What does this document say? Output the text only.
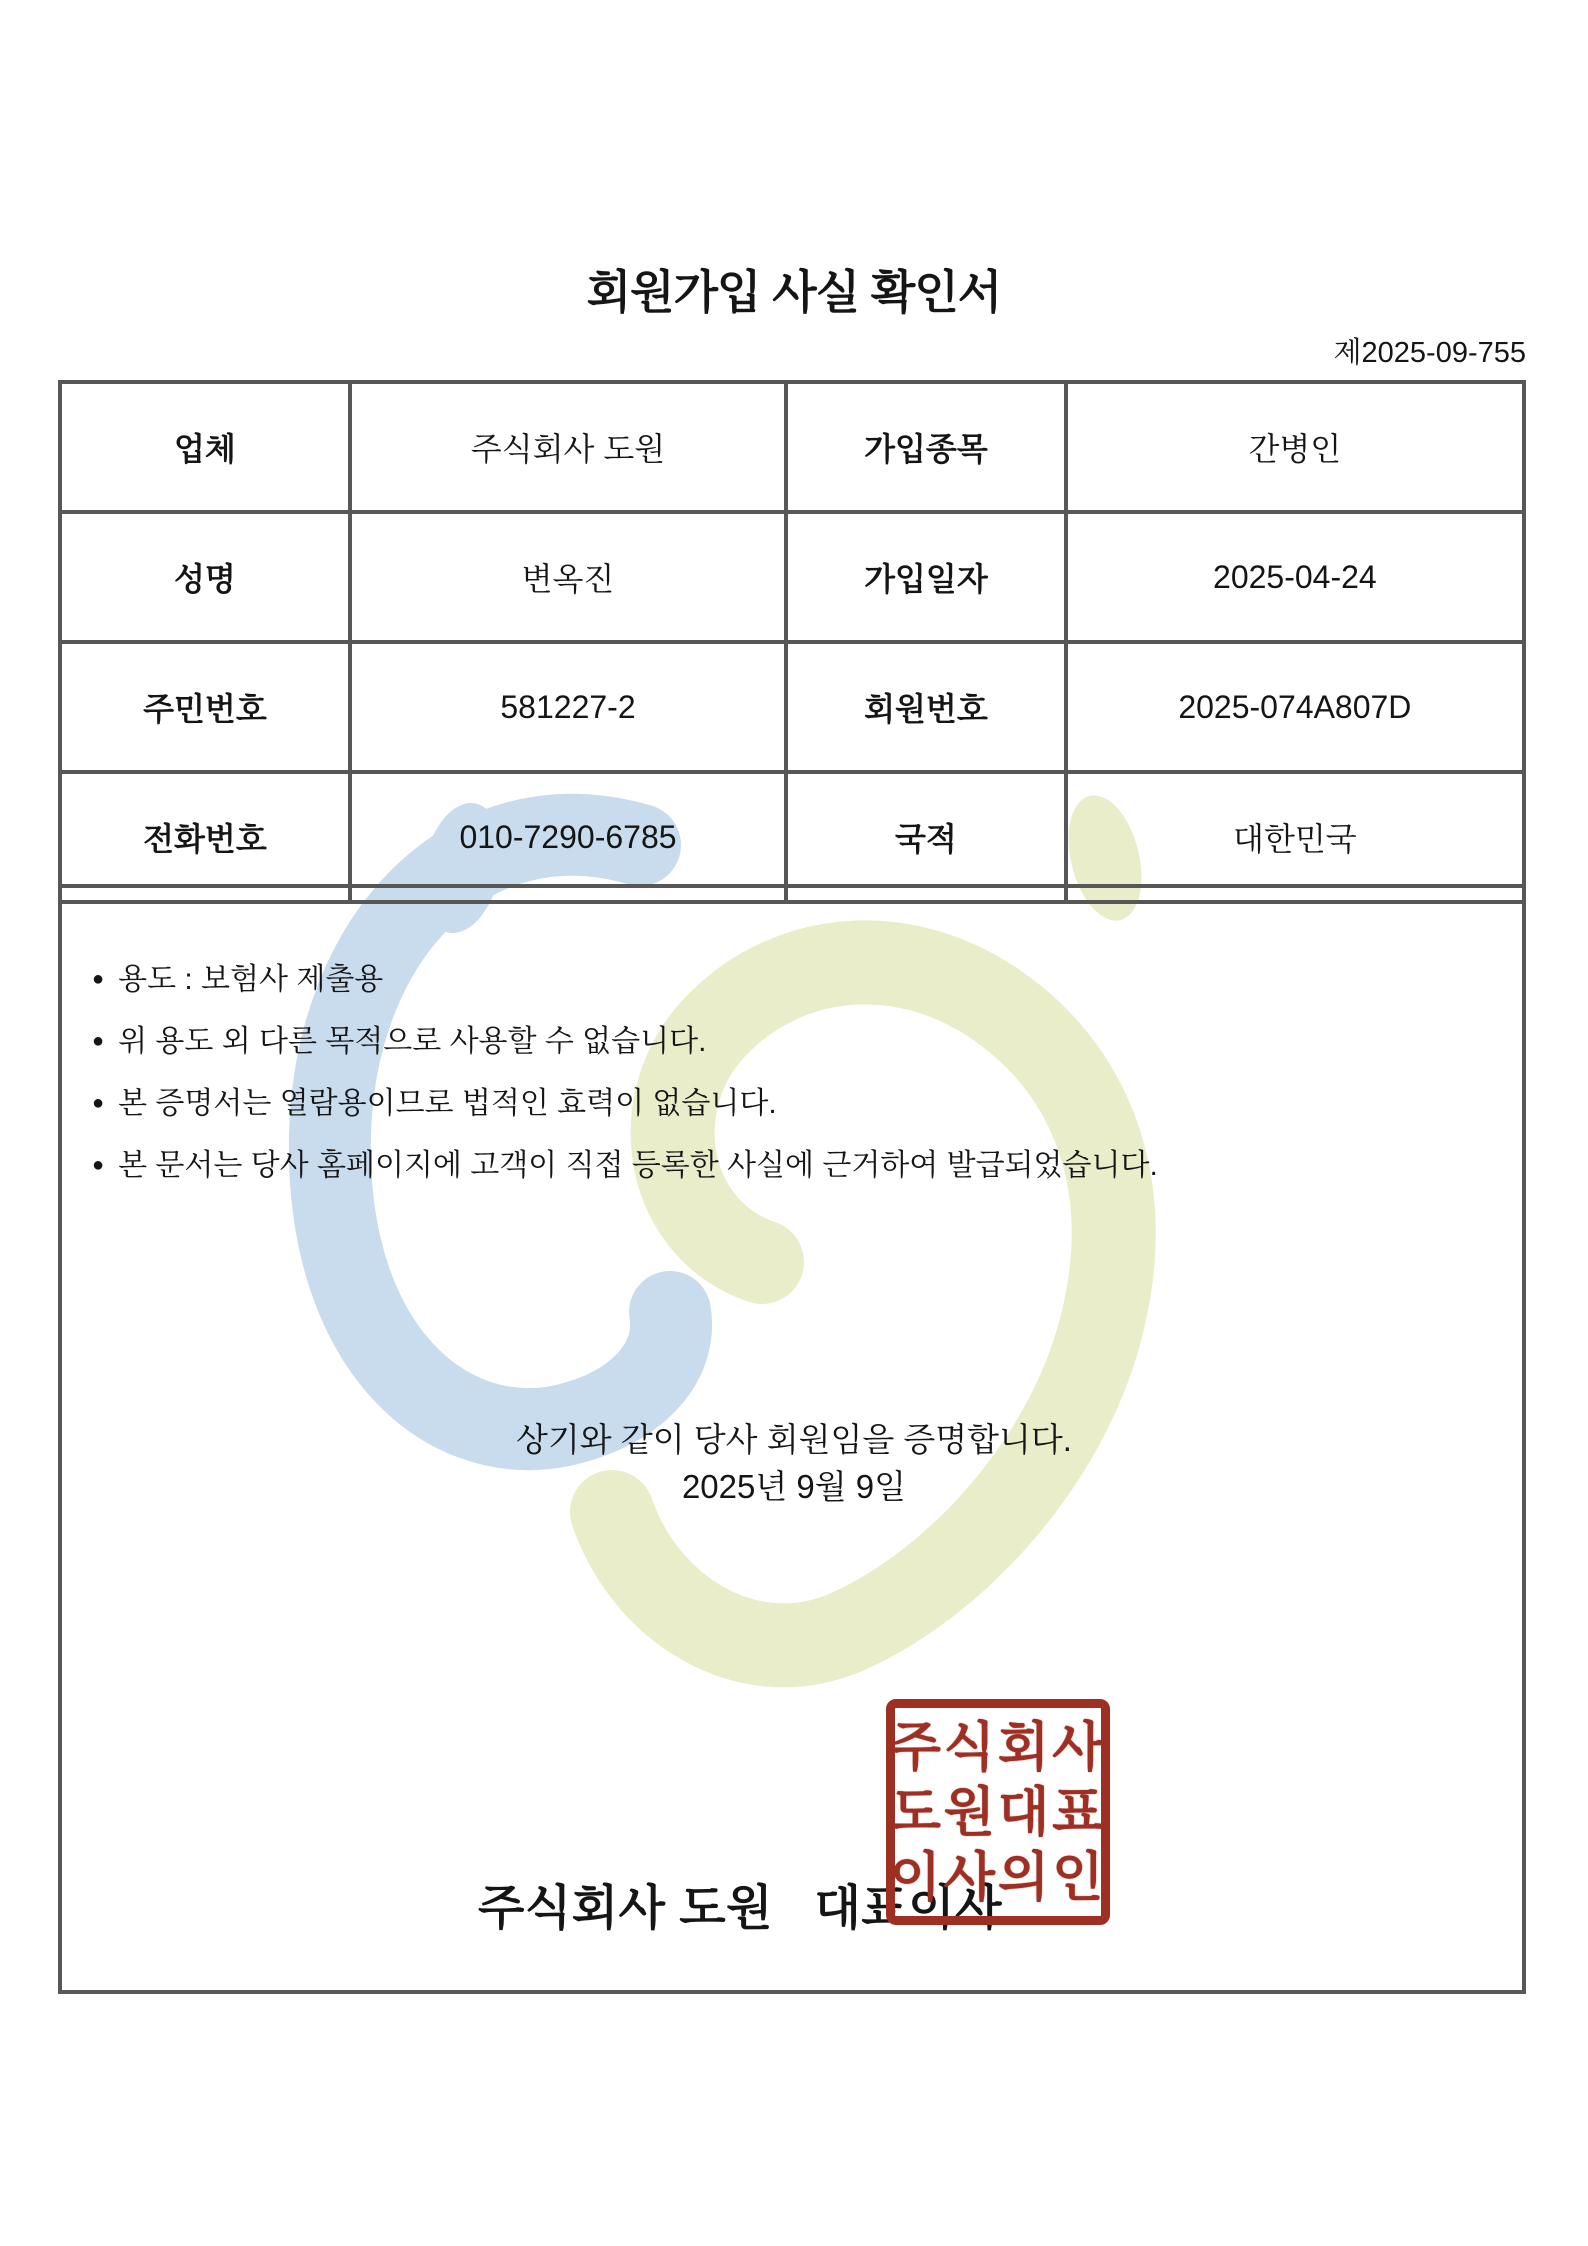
회원가입 사실 확인서
제2025-09-755
업체	주식회사 도원	가입종목	간병인
성명	변옥진	가입일자	2025-04-24
주민번호	581227-2	회원번호	2025-074A807D
전화번호	010-7290-6785	국적	대한민국
● 용도 : 보험사 제출용
● 위 용도 외 다른 목적으로 사용할 수 없습니다.
● 본 증명서는 열람용이므로 법적인 효력이 없습니다.
● 본 문서는 당사 홈페이지에 고객이 직접 등록한 사실에 근거하여 발급되었습니다.
상기와 같이 당사 회원임을 증명합니다.
2025년 9월 9일
주식회사 도원   대표이사
주식회사
도원대표
이사의인
